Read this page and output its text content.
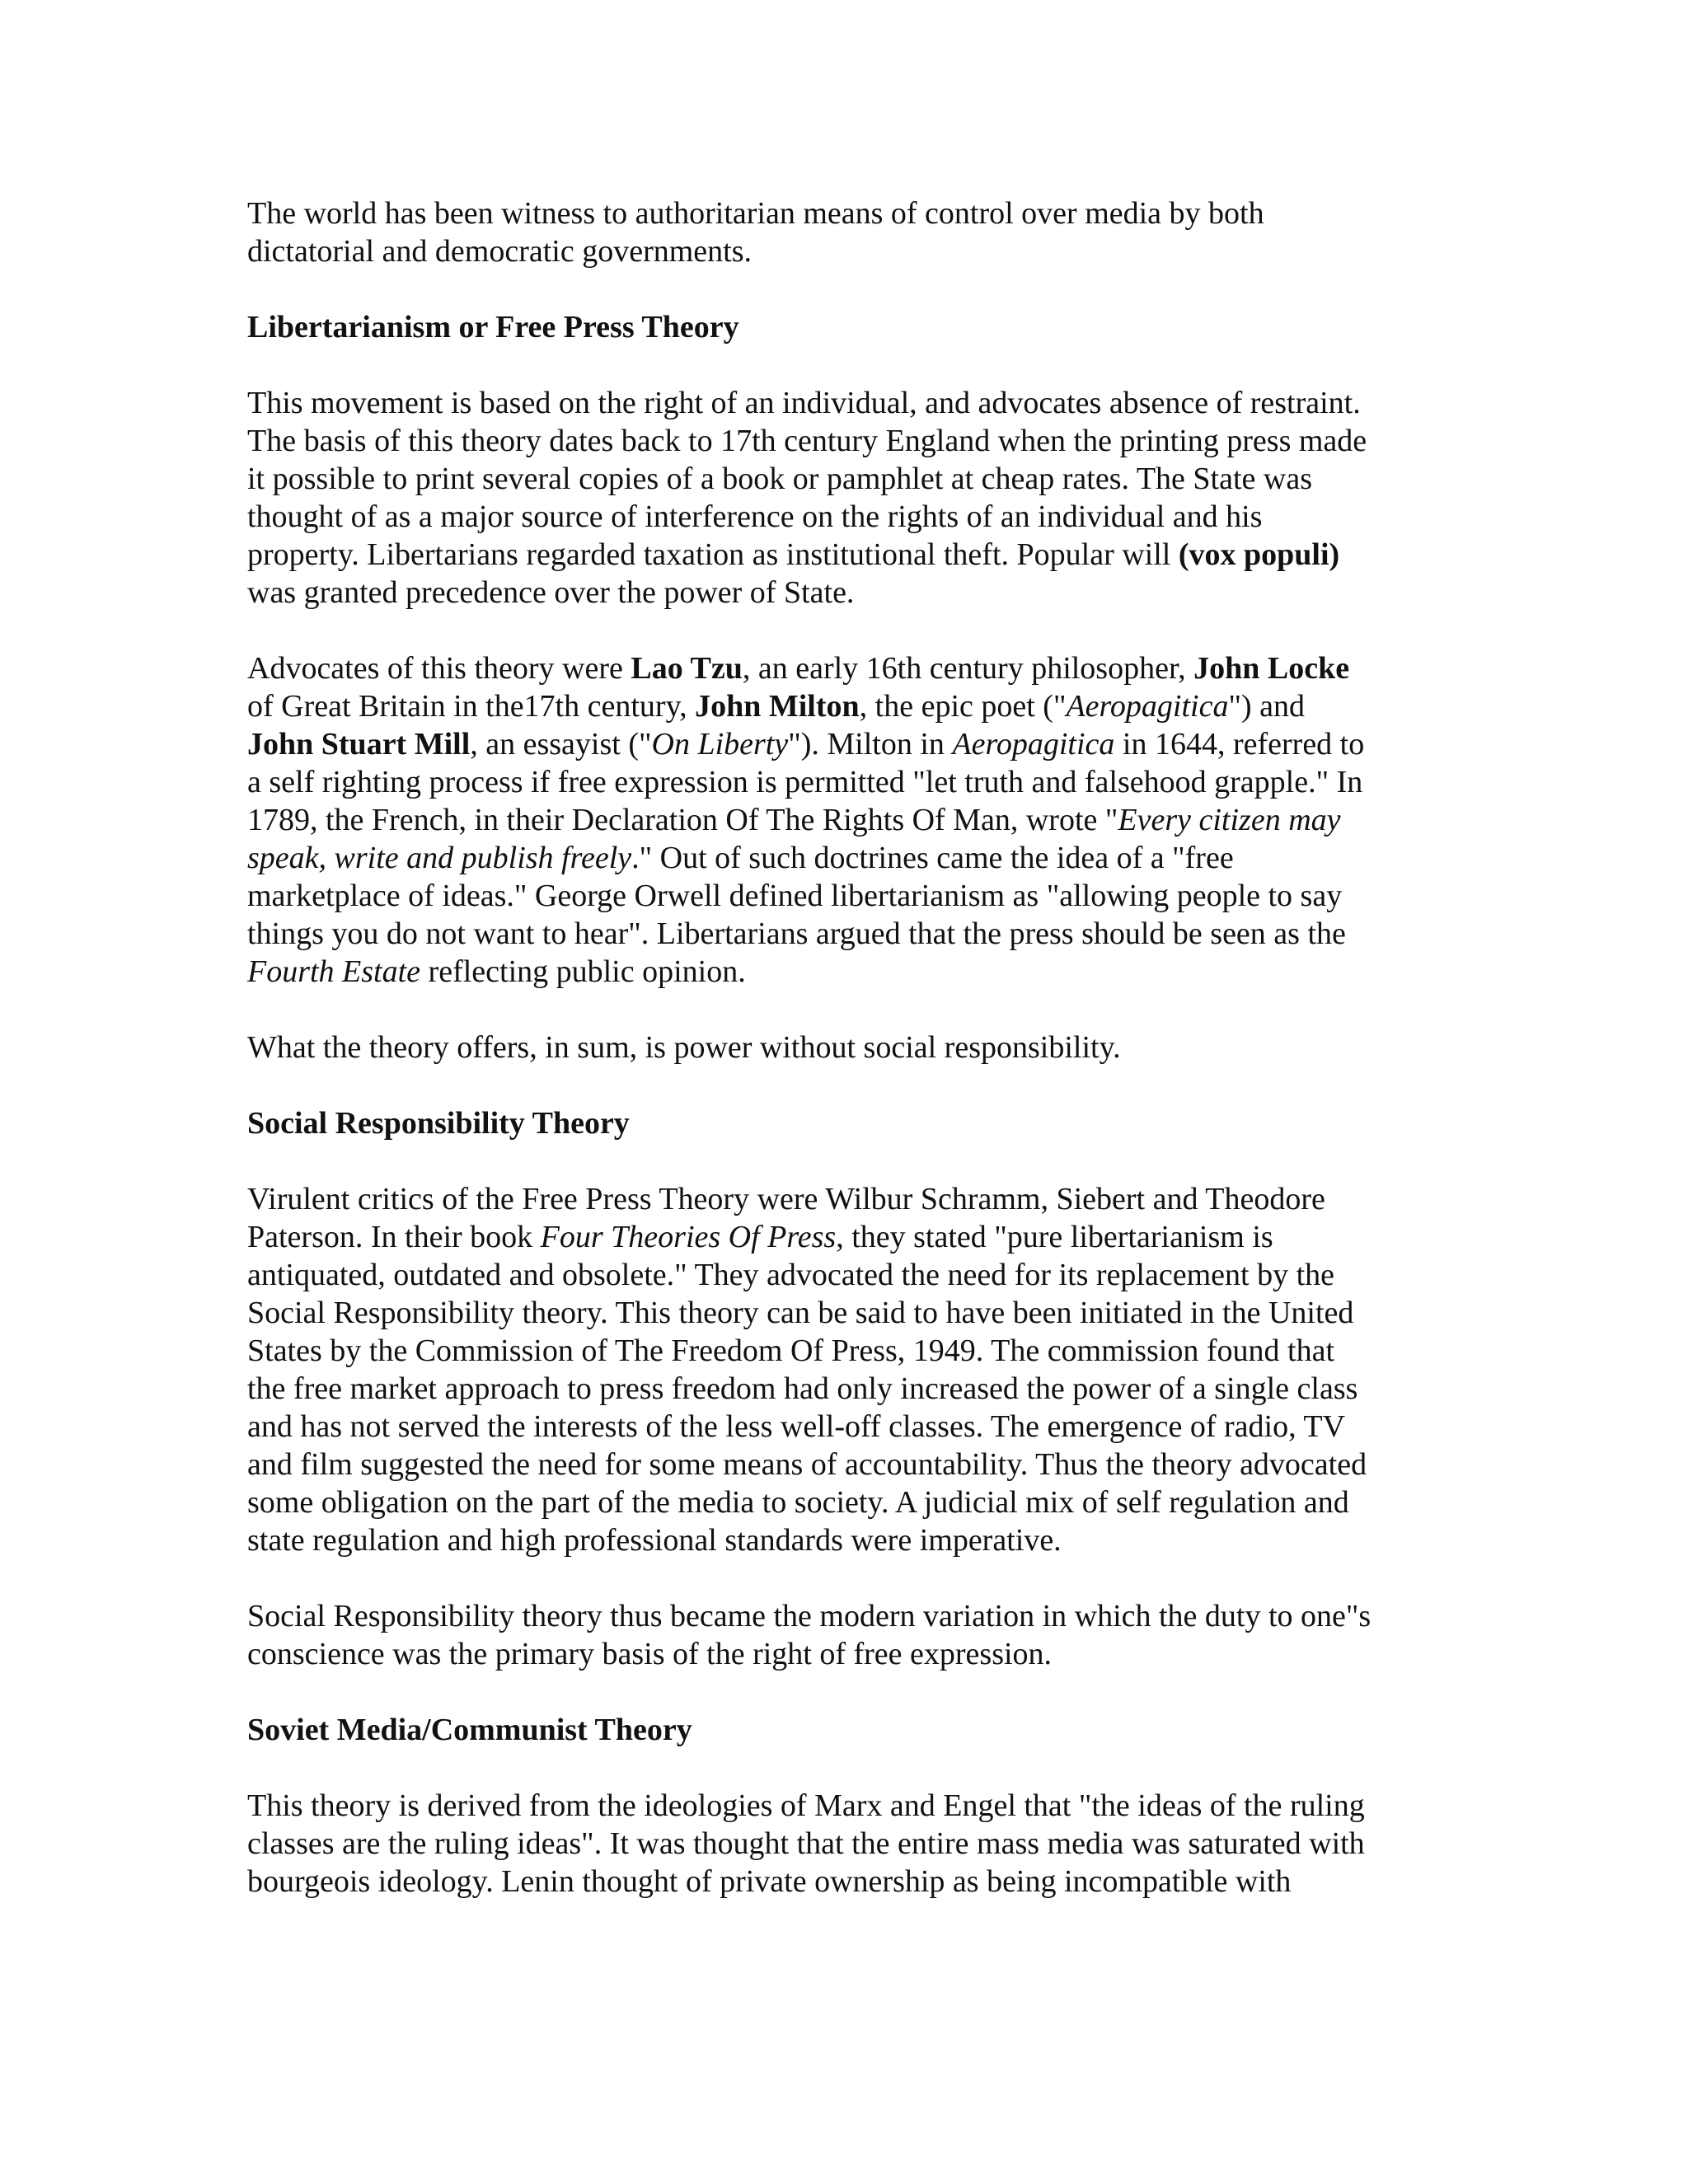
The world has been witness to authoritarian means of control over media by both
dictatorial and democratic governments.

Libertarianism or Free Press Theory

This movement is based on the right of an individual, and advocates absence of restraint.
The basis of this theory dates back to 17th century England when the printing press made
it possible to print several copies of a book or pamphlet at cheap rates. The State was
thought of as a major source of interference on the rights of an individual and his
property. Libertarians regarded taxation as institutional theft. Popular will (vox populi)
was granted precedence over the power of State.

Advocates of this theory were Lao Tzu, an early 16th century philosopher, John Locke
of Great Britain in the17th century, John Milton, the epic poet ("Aeropagitica") and
John Stuart Mill, an essayist ("On Liberty"). Milton in Aeropagitica in 1644, referred to
a self righting process if free expression is permitted "let truth and falsehood grapple." In
1789, the French, in their Declaration Of The Rights Of Man, wrote "Every citizen may
speak, write and publish freely." Out of such doctrines came the idea of a "free
marketplace of ideas." George Orwell defined libertarianism as "allowing people to say
things you do not want to hear". Libertarians argued that the press should be seen as the
Fourth Estate reflecting public opinion.

What the theory offers, in sum, is power without social responsibility.

Social Responsibility Theory

Virulent critics of the Free Press Theory were Wilbur Schramm, Siebert and Theodore
Paterson. In their book Four Theories Of Press, they stated "pure libertarianism is
antiquated, outdated and obsolete." They advocated the need for its replacement by the
Social Responsibility theory. This theory can be said to have been initiated in the United
States by the Commission of The Freedom Of Press, 1949. The commission found that
the free market approach to press freedom had only increased the power of a single class
and has not served the interests of the less well-off classes. The emergence of radio, TV
and film suggested the need for some means of accountability. Thus the theory advocated
some obligation on the part of the media to society. A judicial mix of self regulation and
state regulation and high professional standards were imperative.

Social Responsibility theory thus became the modern variation in which the duty to one"s
conscience was the primary basis of the right of free expression.

Soviet Media/Communist Theory

This theory is derived from the ideologies of Marx and Engel that "the ideas of the ruling
classes are the ruling ideas". It was thought that the entire mass media was saturated with
bourgeois ideology. Lenin thought of private ownership as being incompatible with
